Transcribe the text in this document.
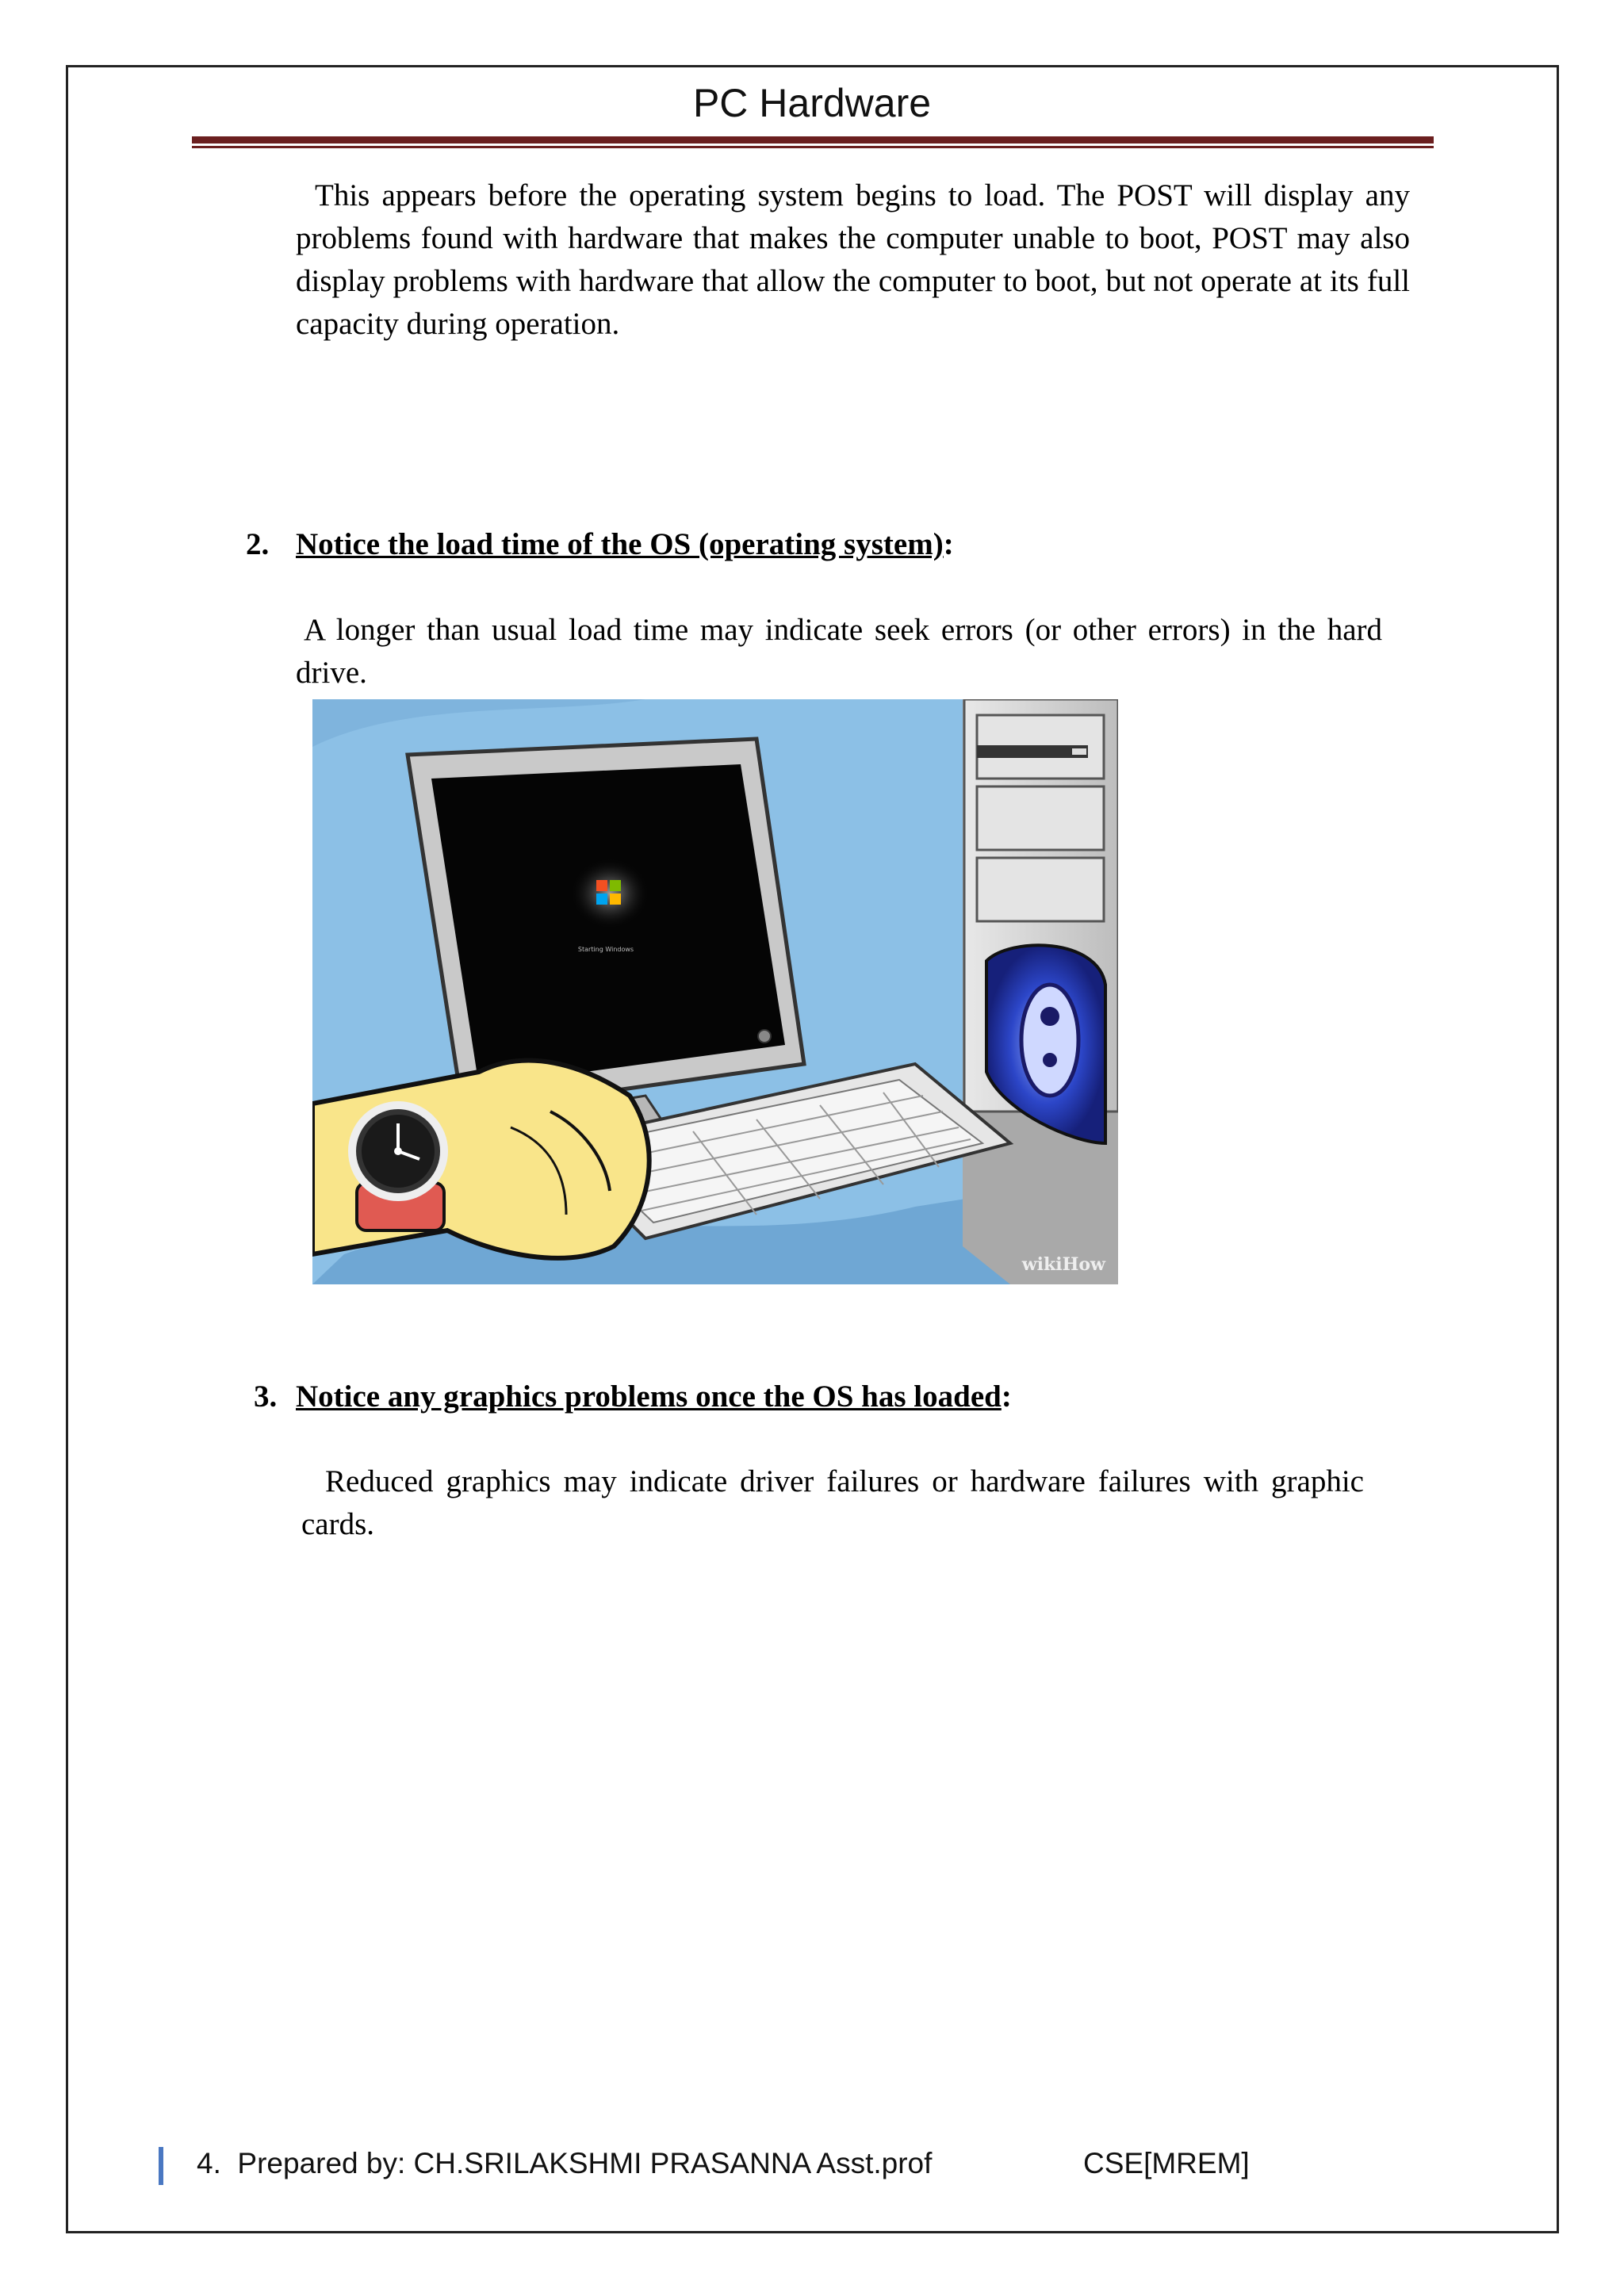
PC Hardware

This appears before the operating system begins to load. The POST will display any problems found with hardware that makes the computer unable to boot, POST may also display problems with hardware that allow the computer to boot, but not operate at its full capacity during operation.

2. Notice the load time of the OS (operating system):

A longer than usual load time may indicate seek errors (or other errors) in the hard drive.

Starting Windows
wikiHow
3. Notice any graphics problems once the OS has loaded:

Reduced graphics may indicate driver failures or hardware failures with graphic cards.

4. Prepared by: CH.SRILAKSHMI PRASANNA Asst.prof	CSE[MREM]
